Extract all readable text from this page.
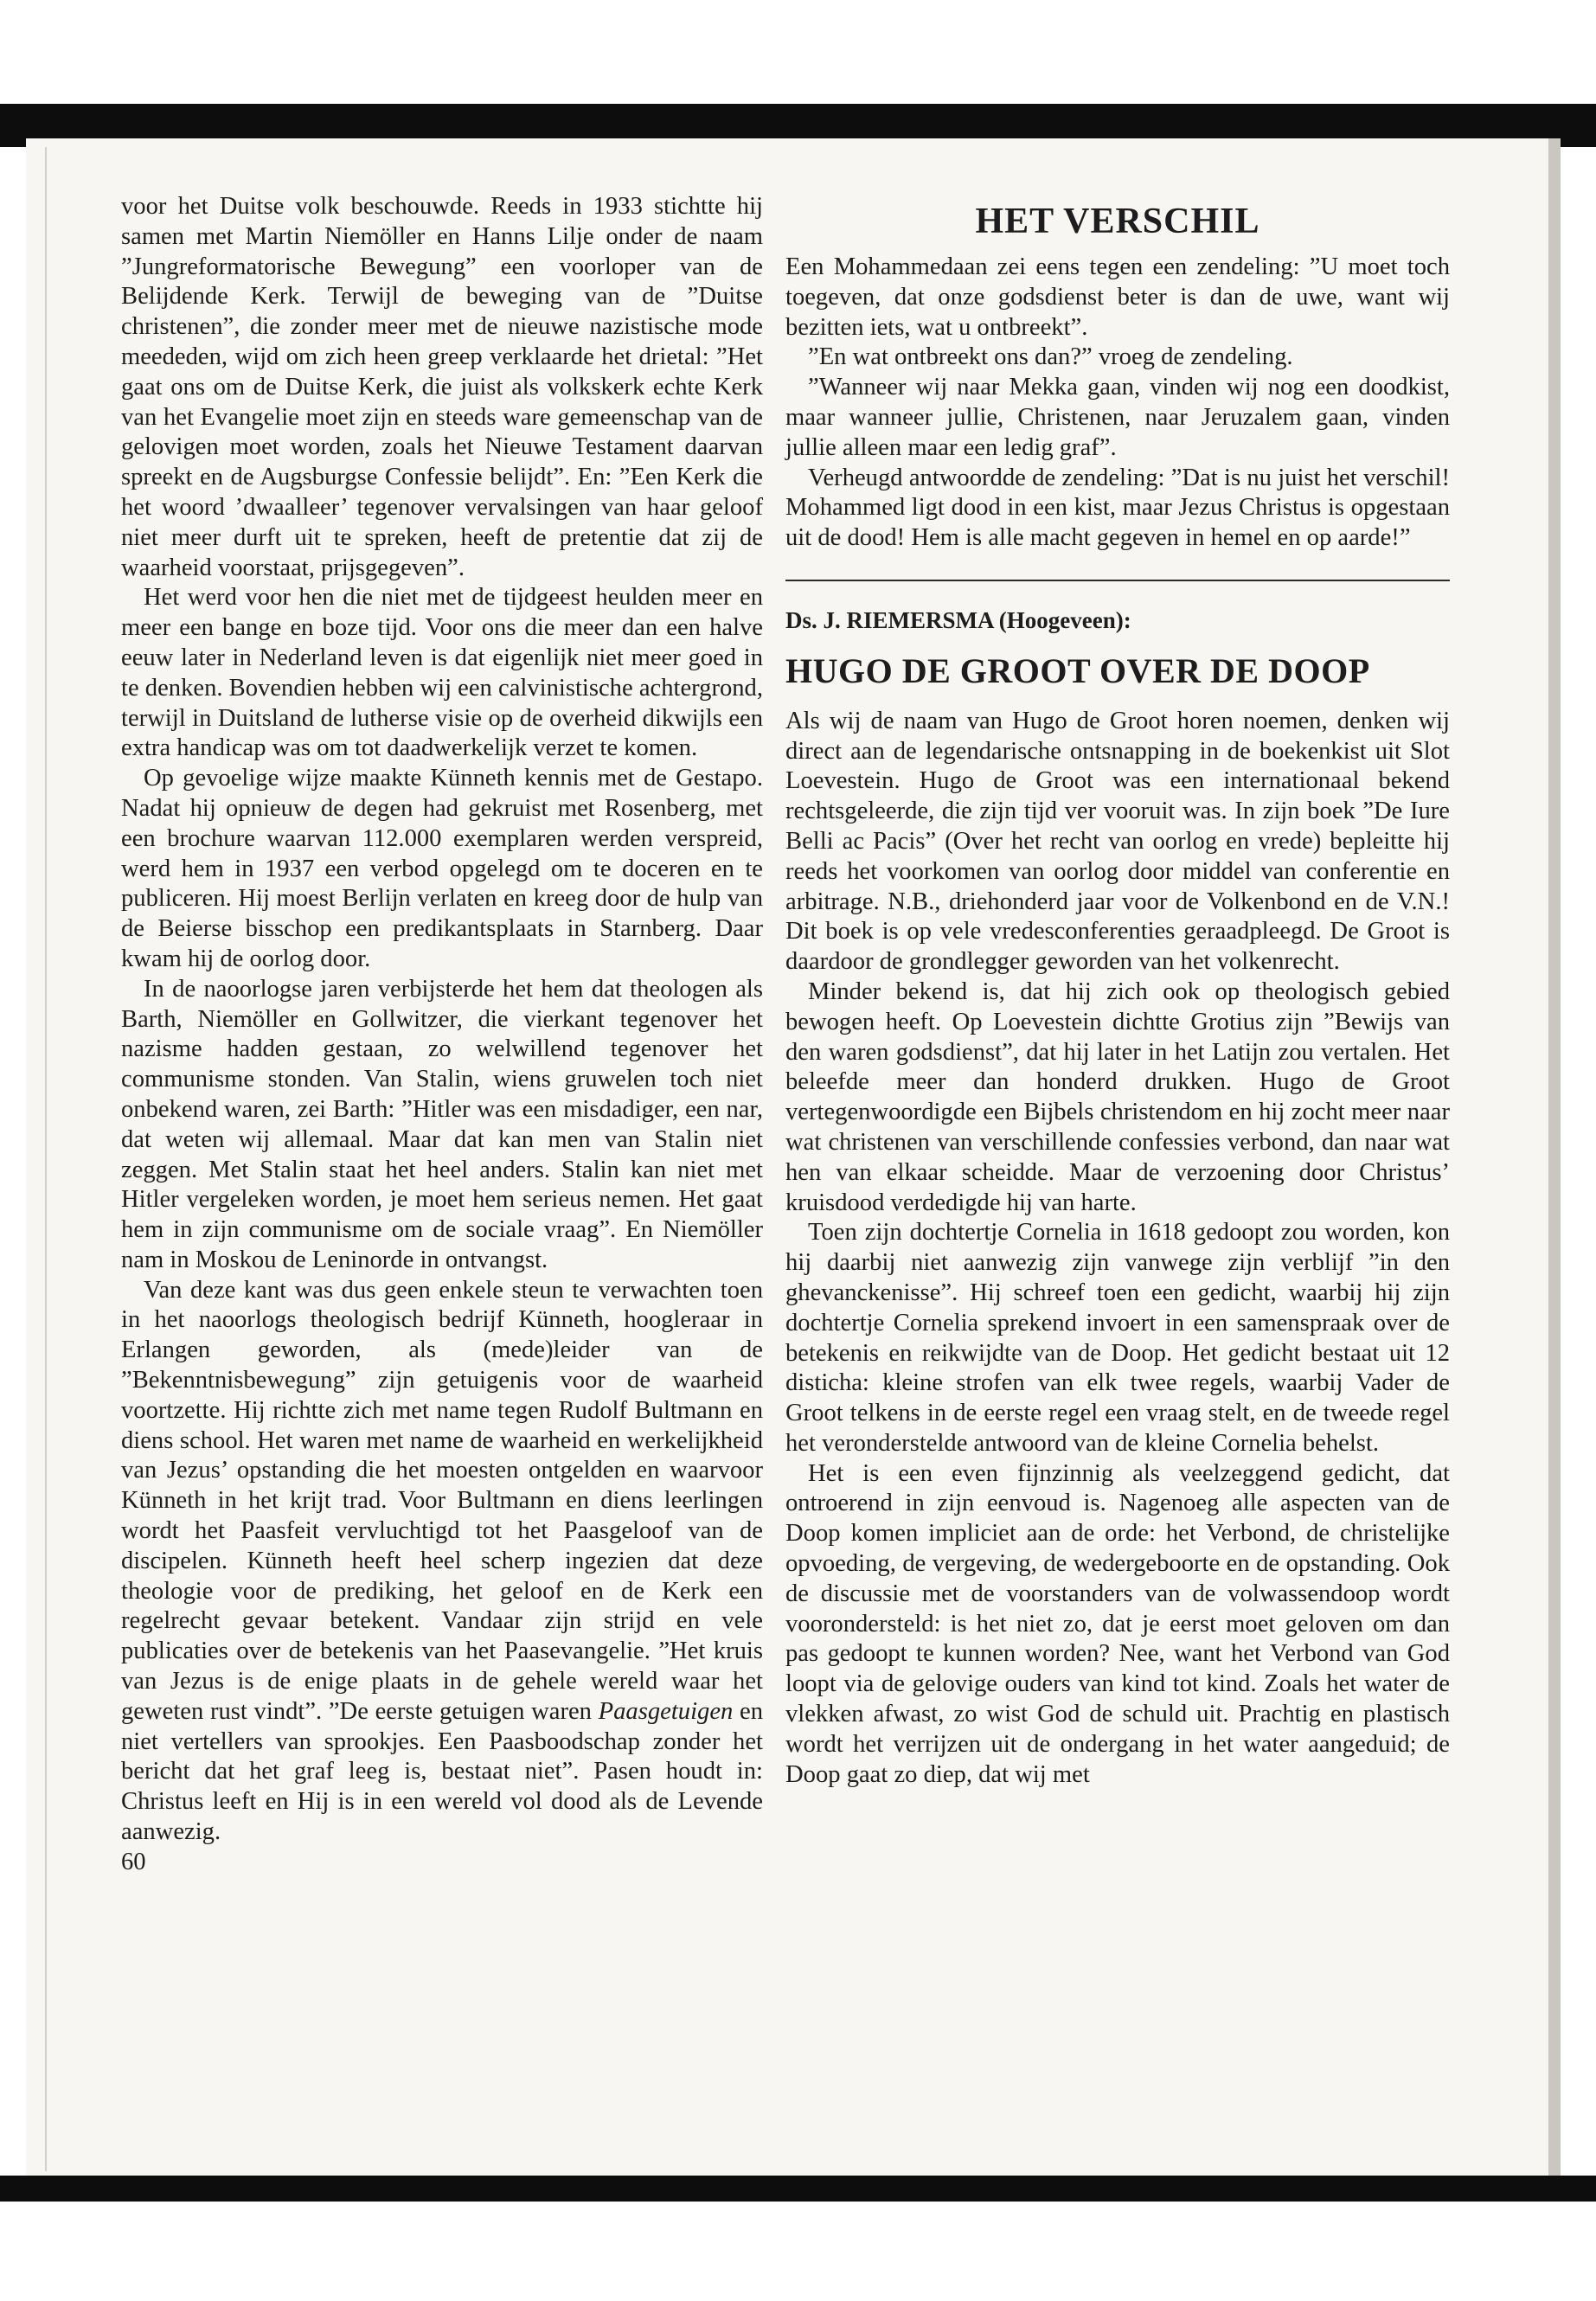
voor het Duitse volk beschouwde. Reeds in 1933 stichtte hij samen met Martin Niemöller en Hanns Lilje onder de naam ”Jungreformatorische Bewegung” een voorloper van de Belijdende Kerk. Terwijl de beweging van de ”Duitse christenen”, die zonder meer met de nieuwe nazistische mode meededen, wijd om zich heen greep verklaarde het drietal: ”Het gaat ons om de Duitse Kerk, die juist als volkskerk echte Kerk van het Evangelie moet zijn en steeds ware gemeenschap van de gelovigen moet worden, zoals het Nieuwe Testament daarvan spreekt en de Augsburgse Confessie belijdt”. En: ”Een Kerk die het woord ’dwaalleer’ tegenover vervalsingen van haar geloof niet meer durft uit te spreken, heeft de pretentie dat zij de waarheid voorstaat, prijsgegeven”.

Het werd voor hen die niet met de tijdgeest heulden meer en meer een bange en boze tijd. Voor ons die meer dan een halve eeuw later in Nederland leven is dat eigenlijk niet meer goed in te denken. Bovendien hebben wij een calvinistische achtergrond, terwijl in Duitsland de lutherse visie op de overheid dikwijls een extra handicap was om tot daadwerkelijk verzet te komen.

Op gevoelige wijze maakte Künneth kennis met de Gestapo. Nadat hij opnieuw de degen had gekruist met Rosenberg, met een brochure waarvan 112.000 exemplaren werden verspreid, werd hem in 1937 een verbod opgelegd om te doceren en te publiceren. Hij moest Berlijn verlaten en kreeg door de hulp van de Beierse bisschop een predikantsplaats in Starnberg. Daar kwam hij de oorlog door.

In de naoorlogse jaren verbijsterde het hem dat theologen als Barth, Niemöller en Gollwitzer, die vierkant tegenover het nazisme hadden gestaan, zo welwillend tegenover het communisme stonden. Van Stalin, wiens gruwelen toch niet onbekend waren, zei Barth: ”Hitler was een misdadiger, een nar, dat weten wij allemaal. Maar dat kan men van Stalin niet zeggen. Met Stalin staat het heel anders. Stalin kan niet met Hitler vergeleken worden, je moet hem serieus nemen. Het gaat hem in zijn communisme om de sociale vraag”. En Niemöller nam in Moskou de Leninorde in ontvangst.

Van deze kant was dus geen enkele steun te verwachten toen in het naoorlogs theologisch bedrijf Künneth, hoogleraar in Erlangen geworden, als (mede)leider van de ”Bekenntnisbewegung” zijn getuigenis voor de waarheid voortzette. Hij richtte zich met name tegen Rudolf Bultmann en diens school. Het waren met name de waarheid en werkelijkheid van Jezus’ opstanding die het moesten ontgelden en waarvoor Künneth in het krijt trad. Voor Bultmann en diens leerlingen wordt het Paasfeit vervluchtigd tot het Paasgeloof van de discipelen. Künneth heeft heel scherp ingezien dat deze theologie voor de prediking, het geloof en de Kerk een regelrecht gevaar betekent. Vandaar zijn strijd en vele publicaties over de betekenis van het Paasevangelie. ”Het kruis van Jezus is de enige plaats in de gehele wereld waar het geweten rust vindt”. ”De eerste getuigen waren Paasgetuigen en niet vertellers van sprookjes. Een Paasboodschap zonder het bericht dat het graf leeg is, bestaat niet”. Pasen houdt in: Christus leeft en Hij is in een wereld vol dood als de Levende aanwezig.

60

HET VERSCHIL

Een Mohammedaan zei eens tegen een zendeling: ”U moet toch toegeven, dat onze godsdienst beter is dan de uwe, want wij bezitten iets, wat u ontbreekt”.

”En wat ontbreekt ons dan?” vroeg de zendeling.

”Wanneer wij naar Mekka gaan, vinden wij nog een doodkist, maar wanneer jullie, Christenen, naar Jeruzalem gaan, vinden jullie alleen maar een ledig graf”.

Verheugd antwoordde de zendeling: ”Dat is nu juist het verschil! Mohammed ligt dood in een kist, maar Jezus Christus is opgestaan uit de dood! Hem is alle macht gegeven in hemel en op aarde!”

Ds. J. RIEMERSMA (Hoogeveen):
HUGO DE GROOT OVER DE DOOP

Als wij de naam van Hugo de Groot horen noemen, denken wij direct aan de legendarische ontsnapping in de boekenkist uit Slot Loevestein. Hugo de Groot was een internationaal bekend rechtsgeleerde, die zijn tijd ver vooruit was. In zijn boek ”De Iure Belli ac Pacis” (Over het recht van oorlog en vrede) bepleitte hij reeds het voorkomen van oorlog door middel van conferentie en arbitrage. N.B., driehonderd jaar voor de Volkenbond en de V.N.! Dit boek is op vele vredesconferenties geraadpleegd. De Groot is daardoor de grondlegger geworden van het volkenrecht.

Minder bekend is, dat hij zich ook op theologisch gebied bewogen heeft. Op Loevestein dichtte Grotius zijn ”Bewijs van den waren godsdienst”, dat hij later in het Latijn zou vertalen. Het beleefde meer dan honderd drukken. Hugo de Groot vertegenwoordigde een Bijbels christendom en hij zocht meer naar wat christenen van verschillende confessies verbond, dan naar wat hen van elkaar scheidde. Maar de verzoening door Christus’ kruisdood verdedigde hij van harte.

Toen zijn dochtertje Cornelia in 1618 gedoopt zou worden, kon hij daarbij niet aanwezig zijn vanwege zijn verblijf ”in den ghevanckenisse”. Hij schreef toen een gedicht, waarbij hij zijn dochtertje Cornelia sprekend invoert in een samenspraak over de betekenis en reikwijdte van de Doop. Het gedicht bestaat uit 12 disticha: kleine strofen van elk twee regels, waarbij Vader de Groot telkens in de eerste regel een vraag stelt, en de tweede regel het veronderstelde antwoord van de kleine Cornelia behelst.

Het is een even fijnzinnig als veelzeggend gedicht, dat ontroerend in zijn eenvoud is. Nagenoeg alle aspecten van de Doop komen impliciet aan de orde: het Verbond, de christelijke opvoeding, de vergeving, de wedergeboorte en de opstanding. Ook de discussie met de voorstanders van de volwassendoop wordt voorondersteld: is het niet zo, dat je eerst moet geloven om dan pas gedoopt te kunnen worden? Nee, want het Verbond van God loopt via de gelovige ouders van kind tot kind. Zoals het water de vlekken afwast, zo wist God de schuld uit. Prachtig en plastisch wordt het verrijzen uit de ondergang in het water aangeduid; de Doop gaat zo diep, dat wij met
